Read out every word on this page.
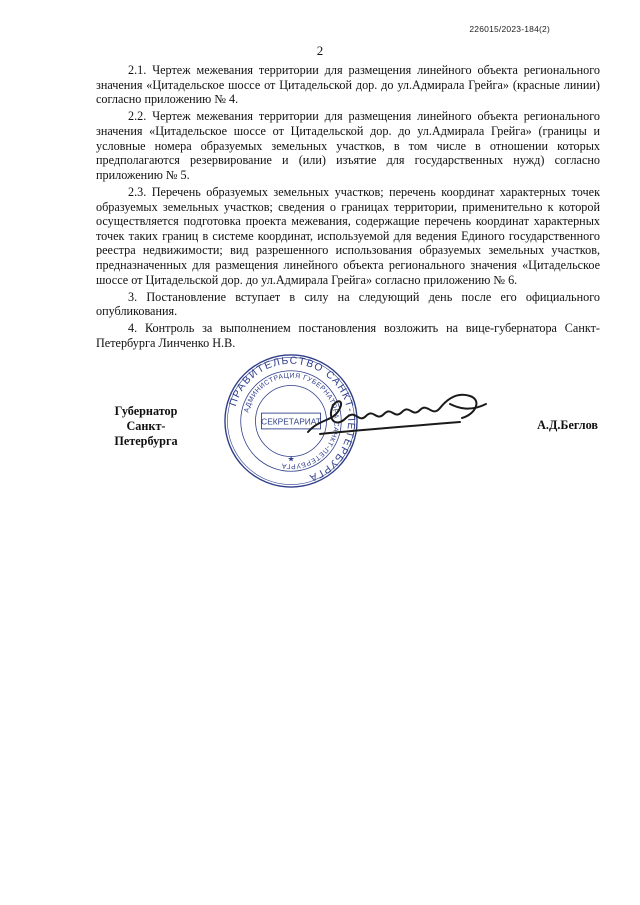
226015/2023-184(2)
2

2.1. Чертеж межевания территории для размещения линейного объекта регионального значения «Цитадельское шоссе от Цитадельской дор. до ул.Адмирала Грейга» (красные линии) согласно приложению № 4.

2.2. Чертеж межевания территории для размещения линейного объекта регионального значения «Цитадельское шоссе от Цитадельской дор. до ул.Адмирала Грейга» (границы и условные номера образуемых земельных участков, в том числе в отношении которых предполагаются резервирование и (или) изъятие для государственных нужд) согласно приложению № 5.

2.3. Перечень образуемых земельных участков; перечень координат характерных точек образуемых земельных участков; сведения о границах территории, применительно к которой осуществляется подготовка проекта межевания, содержащие перечень координат характерных точек таких границ в системе координат, используемой для ведения Единого государственного реестра недвижимости; вид разрешенного использования образуемых земельных участков, предназначенных для размещения линейного объекта регионального значения «Цитадельское шоссе от Цитадельской дор. до ул.Адмирала Грейга» согласно приложению № 6.

3. Постановление вступает в силу на следующий день после его официального опубликования.

4. Контроль за выполнением постановления возложить на вице-губернатора Санкт-Петербурга Линченко Н.В.

Губернатор
Санкт-Петербурга
ПРАВИТЕЛЬСТВО САНКТ-ПЕТЕРБУРГА
АДМИНИСТРАЦИЯ ГУБЕРНАТОРА САНКТ-ПЕТЕРБУРГА
СЕКРЕТАРИАТ
★
А.Д.Беглов
